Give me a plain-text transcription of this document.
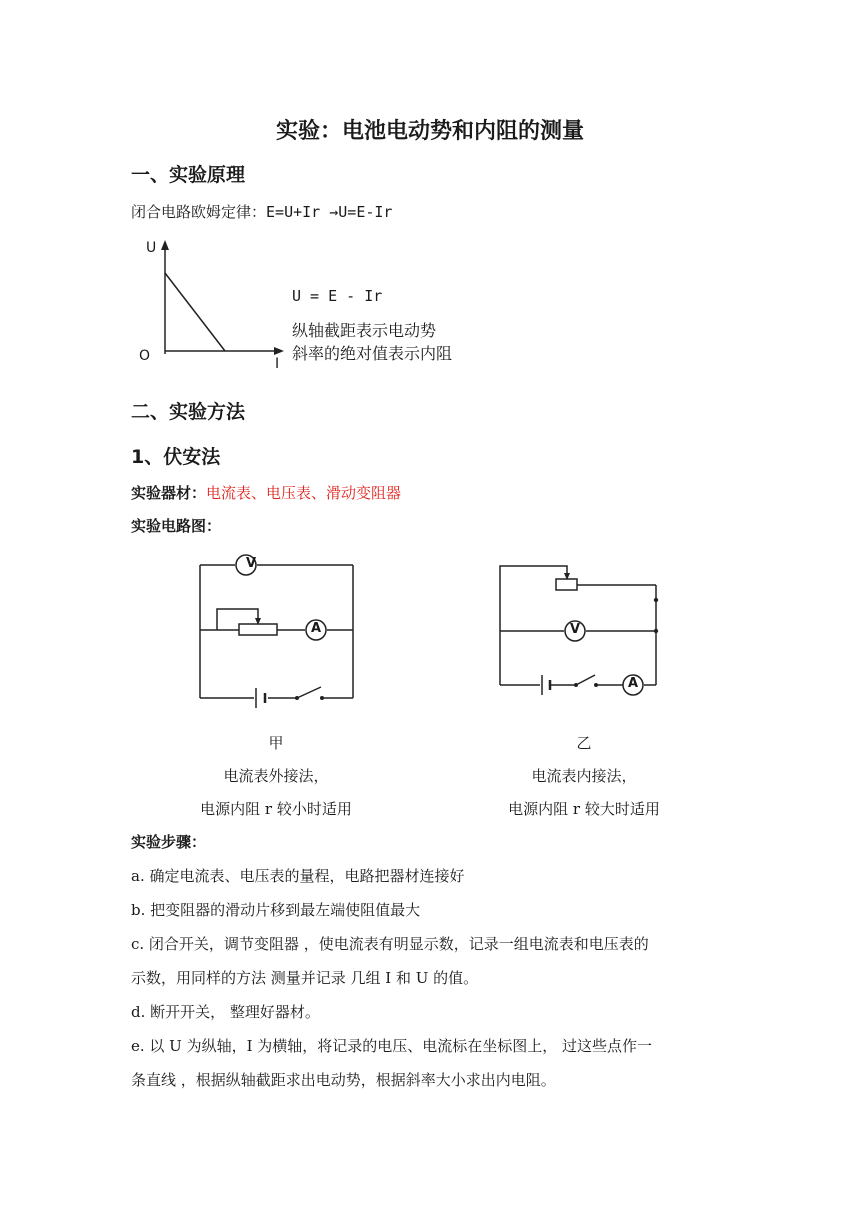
实验：电池电动势和内阻的测量
一、实验原理
闭合电路欧姆定律：E=U+Ir →U=E-Ir
U
I
O
U = E - Ir
纵轴截距表示电动势
斜率的绝对值表示内阻
二、实验方法
1、伏安法
实验器材：电流表、电压表、滑动变阻器
实验电路图：
V
A	V
A
甲
电流表外接法，
电源内阻 r 较小时适用
乙
电流表内接法，
电源内阻 r 较大时适用
实验步骤：
a. 确定电流表、电压表的量程，电路把器材连接好
b. 把变阻器的滑动片移到最左端使阻值最大
c. 闭合开关，调节变阻器 ，使电流表有明显示数，记录一组电流表和电压表的
示数，用同样的方法 测量并记录 几组 I 和 U 的值。
d. 断开开关， 整理好器材。
e. 以 U 为纵轴，I 为横轴，将记录的电压、电流标在坐标图上， 过这些点作一
条直线 ，根据纵轴截距求出电动势，根据斜率大小求出内电阻。
